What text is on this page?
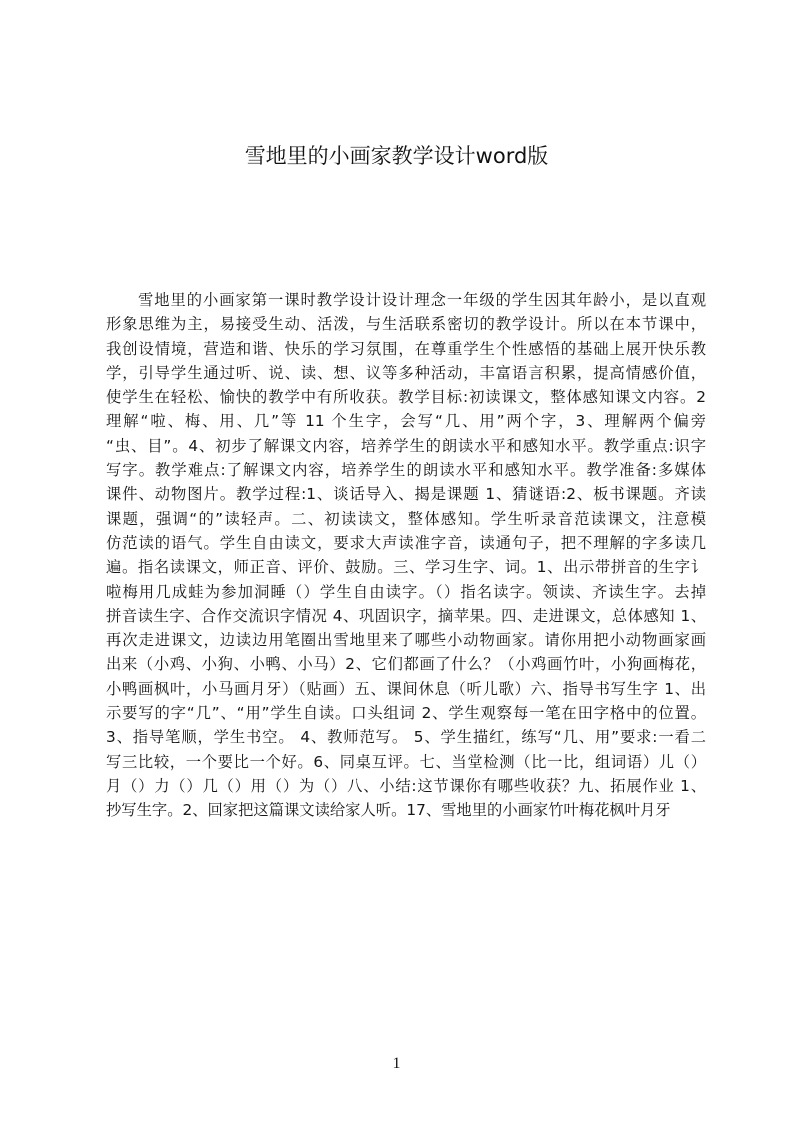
雪地里的小画家教学设计word版
雪地里的小画家第一课时教学设计设计理念一年级的学生因其年龄小，是以直观
形象思维为主，易接受生动、活泼，与生活联系密切的教学设计。所以在本节课中，
我创设情境，营造和谐、快乐的学习氛围，在尊重学生个性感悟的基础上展开快乐教
学，引导学生通过听、说、读、想、议等多种活动，丰富语言积累，提高情感价值，
使学生在轻松、愉快的教学中有所收获。教学目标:初读课文，整体感知课文内容。2
理解“啦、梅、用、几”等 11 个生字，会写“几、用”两个字，3、理解两个偏旁
“虫、目”。4、初步了解课文内容，培养学生的朗读水平和感知水平。教学重点:识字
写字。教学难点:了解课文内容，培养学生的朗读水平和感知水平。教学准备:多媒体
课件、动物图片。教学过程:1、谈话导入、揭是课题 1、猜谜语:2、板书课题。齐读
课题，强调“的”读轻声。二、初读读文，整体感知。学生听录音范读课文，注意模
仿范读的语气。学生自由读文，要求大声读准字音，读通句子，把不理解的字多读几
遍。指名读课文，师正音、评价、鼓励。三、学习生字、词。1、出示带拼音的生字讠
啦梅用几成蛙为参加洞睡（）学生自由读字。（）指名读字。领读、齐读生字。去掉
拼音读生字、合作交流识字情况 4、巩固识字，摘苹果。四、走进课文，总体感知 1、
再次走进课文，边读边用笔圈出雪地里来了哪些小动物画家。请你用把小动物画家画
出来（小鸡、小狗、小鸭、小马）2、它们都画了什么？（小鸡画竹叶，小狗画梅花，
小鸭画枫叶，小马画月牙）（贴画）五、课间休息（听儿歌）六、指导书写生字 1、出
示要写的字“几”、“用”学生自读。口头组词 2、学生观察每一笔在田字格中的位置。
3、指导笔顺，学生书空。 4、教师范写。 5、学生描红，练写“几、用”要求:一看二
写三比较，一个要比一个好。6、同桌互评。七、当堂检测（比一比，组词语）儿（）
月（）力（）几（）用（）为（）八、小结:这节课你有哪些收获？九、拓展作业 1、
抄写生字。2、回家把这篇课文读给家人听。17、雪地里的小画家竹叶梅花枫叶月牙
1
